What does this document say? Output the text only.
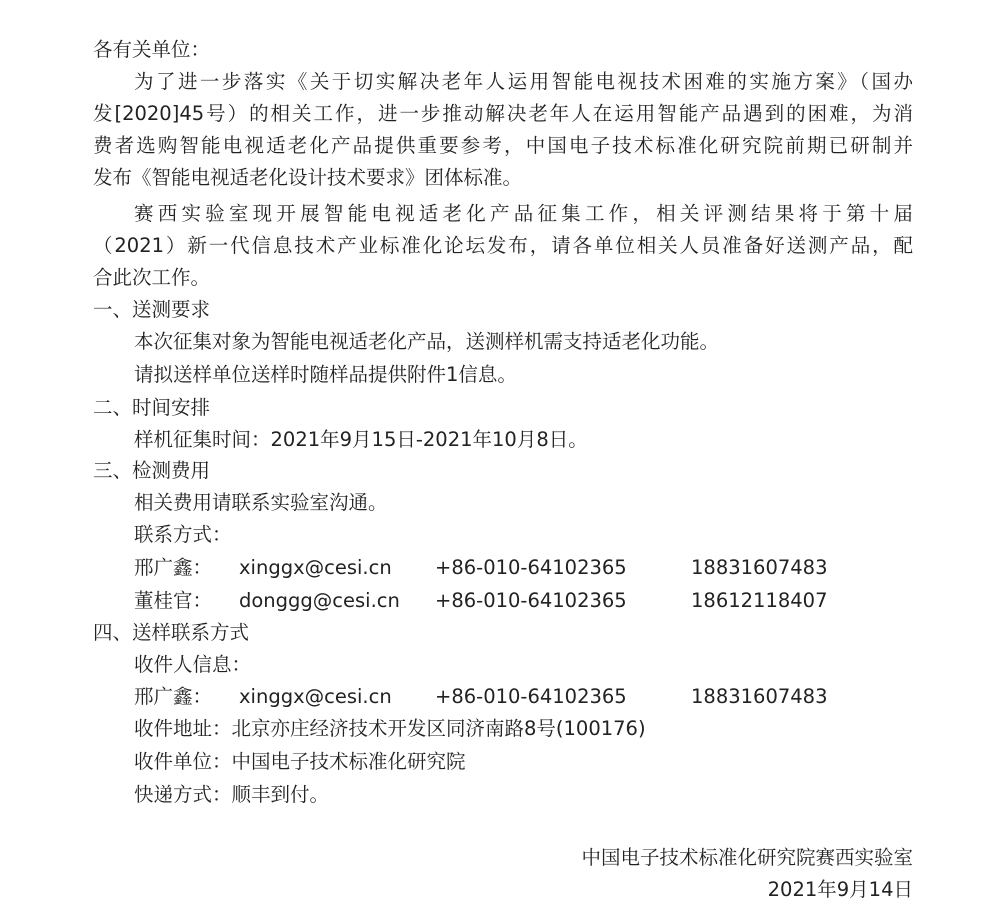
各有关单位：
为了进一步落实《关于切实解决老年人运用智能电视技术困难的实施方案》（国办
发[2020]45号）的相关工作，进一步推动解决老年人在运用智能产品遇到的困难，为消
费者选购智能电视适老化产品提供重要参考，中国电子技术标准化研究院前期已研制并
发布《智能电视适老化设计技术要求》团体标准。
赛西实验室现开展智能电视适老化产品征集工作，相关评测结果将于第十届
（2021）新一代信息技术产业标准化论坛发布，请各单位相关人员准备好送测产品，配
合此次工作。
一、送测要求
本次征集对象为智能电视适老化产品，送测样机需支持适老化功能。
请拟送样单位送样时随样品提供附件1信息。
二、时间安排
样机征集时间：2021年9月15日-2021年10月8日。
三、检测费用
相关费用请联系实验室沟通。
联系方式：
邢广鑫： xinggx@cesi.cn +86-010-64102365	18831607483
董桂官： donggg@cesi.cn +86-010-64102365	18612118407
四、送样联系方式
收件人信息：
邢广鑫： xinggx@cesi.cn +86-010-64102365	18831607483
收件地址：北京亦庄经济技术开发区同济南路8号(100176)
收件单位：中国电子技术标准化研究院
快递方式：顺丰到付。
中国电子技术标准化研究院赛西实验室
2021年9月14日
